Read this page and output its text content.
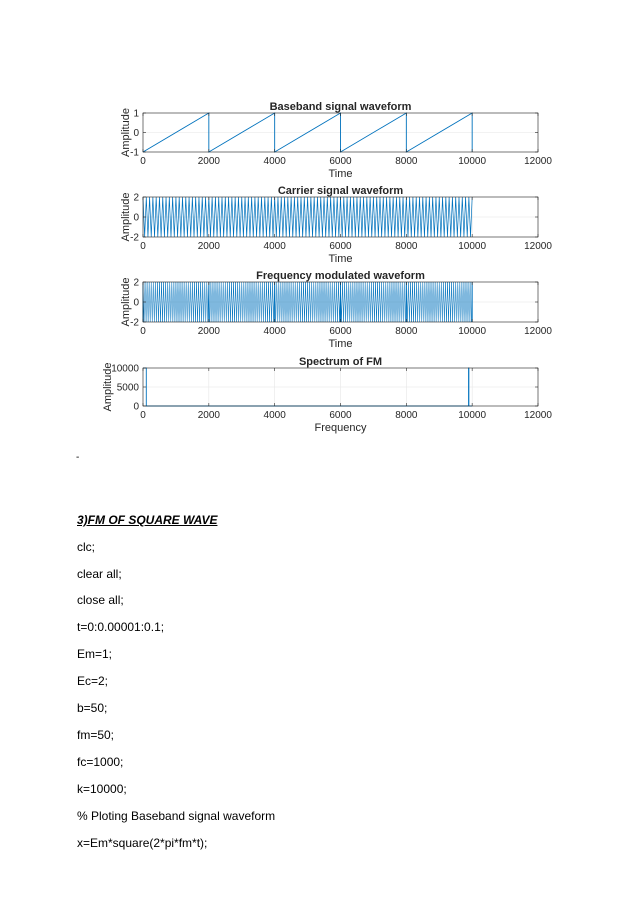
0	2000	4000	6000	8000	10000	12000
-1
0
1
Baseband signal waveform
Time
Amplitude
0	2000	4000	6000	8000	10000	12000
-2
0
2
Carrier signal waveform
Time
Amplitude
0	2000	4000	6000	8000	10000	12000
-2
0
2
Frequency modulated waveform
Time
Amplitude
0	2000	4000	6000	8000	10000	12000
0
5000
10000
Spectrum of FM
Frequency
Amplitude
-
3)FM OF SQUARE WAVE
clc;
clear all;
close all;
t=0:0.00001:0.1;
Em=1;
Ec=2;
b=50;
fm=50;
fc=1000;
k=10000;
% Ploting Baseband signal waveform
x=Em*square(2*pi*fm*t);
